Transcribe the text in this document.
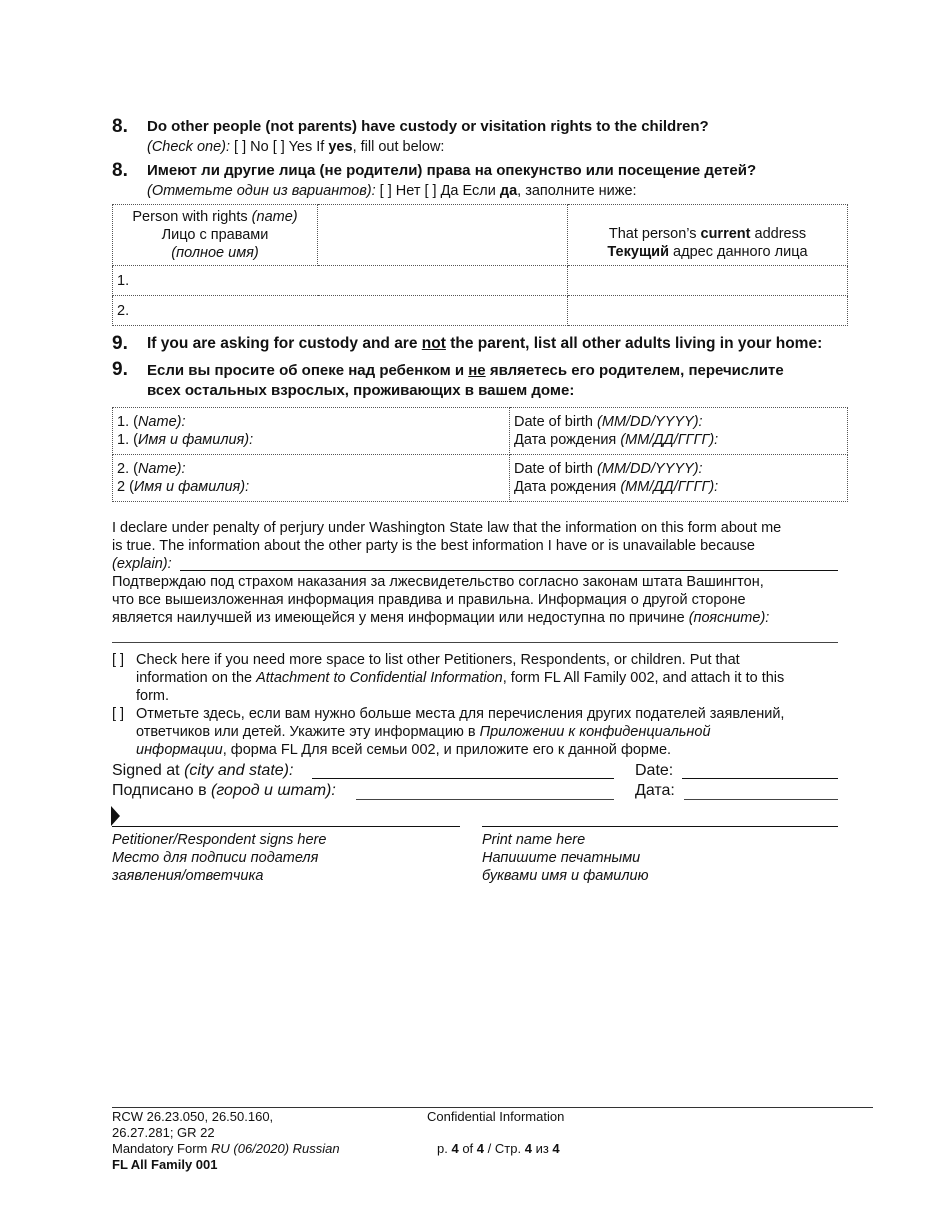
8. Do other people (not parents) have custody or visitation rights to the children?
(Check one): [ ] No [ ] Yes If yes, fill out below:
8. Имеют ли другие лица (не родители) права на опекунство или посещение детей?
(Отметьте один из вариантов): [ ] Нет [ ] Да Если да, заполните ниже:
Person with rights (name)
Лицо с правами
(полное имя)		That person’s current address
Текущий адрес данного лица
1.		
2.		
9. If you are asking for custody and are not the parent, list all other adults living in your home:
9. Если вы просите об опеке над ребенком и не являетесь его родителем, перечислите
всех остальных взрослых, проживающих в вашем доме:
1. (Name):
1. (Имя и фамилия):	Date of birth (MM/DD/YYYY):
Дата рождения (ММ/ДД/ГГГГ):
2. (Name):
2 (Имя и фамилия):	Date of birth (MM/DD/YYYY):
Дата рождения (ММ/ДД/ГГГГ):
I declare under penalty of perjury under Washington State law that the information on this form about me
is true. The information about the other party is the best information I have or is unavailable because
(explain):
Подтверждаю под страхом наказания за лжесвидетельство согласно законам штата Вашингтон,
что все вышеизложенная информация правдива и правильна. Информация о другой стороне
является наилучшей из имеющейся у меня информации или недоступна по причине (поясните):
[ ] Check here if you need more space to list other Petitioners, Respondents, or children. Put that
information on the Attachment to Confidential Information, form FL All Family 002, and attach it to this
form.
[ ] Отметьте здесь, если вам нужно больше места для перечисления других подателей заявлений,
ответчиков или детей. Укажите эту информацию в Приложении к конфиденциальной
информации, форма FL Для всей семьи 002, и приложите его к данной форме.
Signed at (city and state):	Date:
Подписано в (город и штат):	Дата:
Petitioner/Respondent signs here
Место для подписи подателя
заявления/ответчика
Print name here
Напишите печатными
буквами имя и фамилию
RCW 26.23.050, 26.50.160,
26.27.281; GR 22
Mandatory Form RU (06/2020) Russian
FL All Family 001
Confidential Information
p. 4 of 4 / Стр. 4 из 4
